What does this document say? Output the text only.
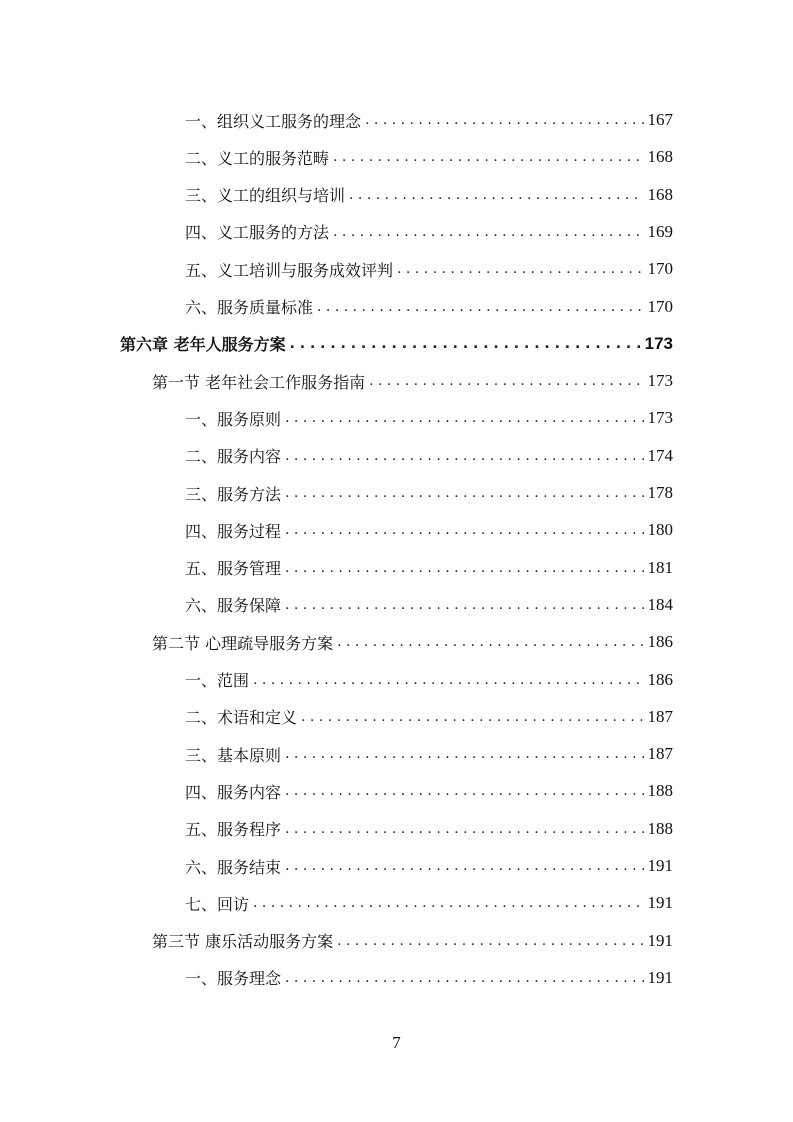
一、组织义工服务的理念 . . .	167
二、义工的服务范畴 . . .	168
三、义工的组织与培训 . . .	168
四、义工服务的方法 . . .	169
五、义工培训与服务成效评判 . . .	170
六、服务质量标准 . . .	170
第六章 老年人服务方案 . . .	173
第一节 老年社会工作服务指南 . . .	173
一、服务原则 . . .	173
二、服务内容 . . .	174
三、服务方法 . . .	178
四、服务过程 . . .	180
五、服务管理 . . .	181
六、服务保障 . . .	184
第二节 心理疏导服务方案 . . .	186
一、范围 . . .	186
二、术语和定义 . . .	187
三、基本原则 . . .	187
四、服务内容 . . .	188
五、服务程序 . . .	188
六、服务结束 . . .	191
七、回访 . . .	191
第三节 康乐活动服务方案 . . .	191
一、服务理念 . . .	191
7
